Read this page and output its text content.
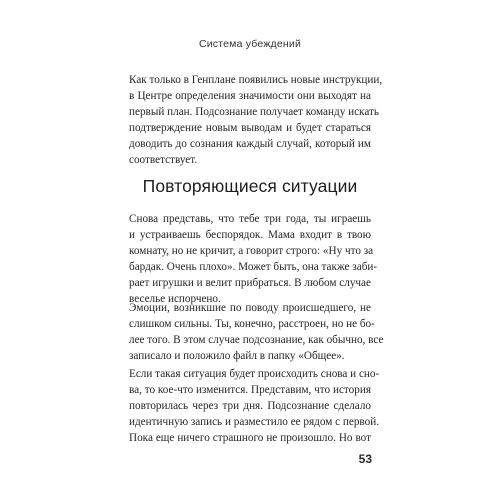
Система убеждений
Как только в Генплане появились новые инструкции,
в Центре определения значимости они выходят на
первый план. Подсознание получает команду искать
подтверждение новым выводам и будет стараться
доводить до сознания каждый случай, который им
соответствует.
Повторяющиеся ситуации
Снова представь, что тебе три года, ты играешь
и устраиваешь беспорядок. Мама входит в твою
комнату, но не кричит, а говорит строго: «Ну что за
бардак. Очень плохо». Может быть, она также заби-
рает игрушки и велит прибраться. В любом случае
веселье испорчено.
Эмоции, возникшие по поводу происшедшего, не
слишком сильны. Ты, конечно, расстроен, но не бо-
лее того. В этом случае подсознание, как обычно, все
записало и положило файл в папку «Общее».
Если такая ситуация будет происходить снова и сно-
ва, то кое-что изменится. Представим, что история
повторилась через три дня. Подсознание сделало
идентичную запись и разместило ее рядом с первой.
Пока еще ничего страшного не произошло. Но вот
53
